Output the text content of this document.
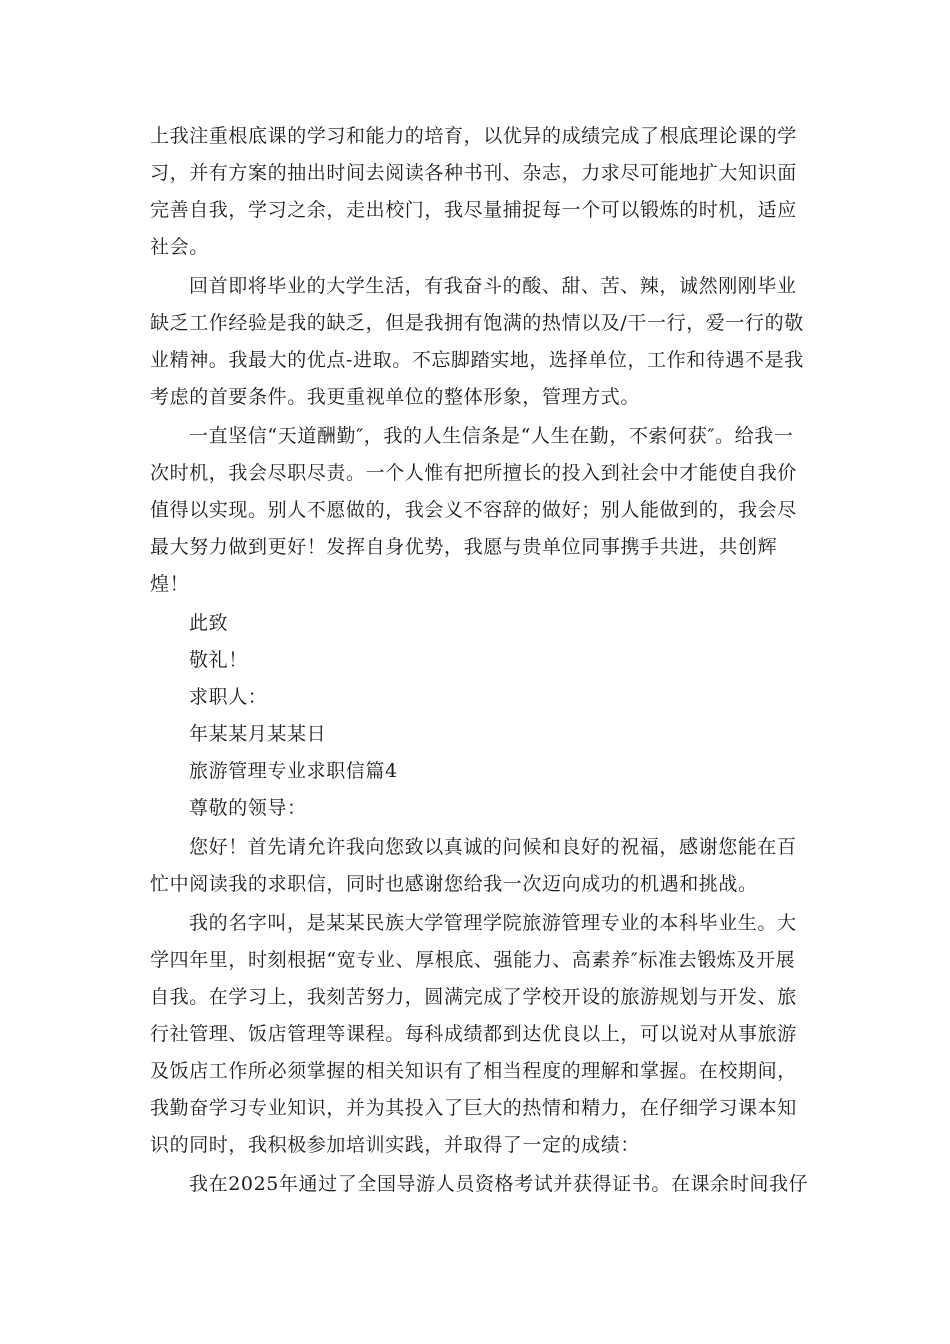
上我注重根底课的学习和能力的培育，以优异的成绩完成了根底理论课的学
习，并有方案的抽出时间去阅读各种书刊、杂志，力求尽可能地扩大知识面
完善自我，学习之余，走出校门，我尽量捕捉每一个可以锻炼的时机，适应
社会。
回首即将毕业的大学生活，有我奋斗的酸、甜、苦、辣，诚然刚刚毕业
缺乏工作经验是我的缺乏，但是我拥有饱满的热情以及/干一行，爱一行的敬
业精神。我最大的优点-进取。不忘脚踏实地，选择单位，工作和待遇不是我
考虑的首要条件。我更重视单位的整体形象，管理方式。
一直坚信“天道酬勤″，我的人生信条是“人生在勤，不索何获″。给我一
次时机，我会尽职尽责。一个人惟有把所擅长的投入到社会中才能使自我价
值得以实现。别人不愿做的，我会义不容辞的做好；别人能做到的，我会尽
最大努力做到更好！发挥自身优势，我愿与贵单位同事携手共进，共创辉
煌！
此致
敬礼！
求职人：
年某某月某某日
旅游管理专业求职信篇4
尊敬的领导：
您好！首先请允许我向您致以真诚的问候和良好的祝福，感谢您能在百
忙中阅读我的求职信，同时也感谢您给我一次迈向成功的机遇和挑战。
我的名字叫，是某某民族大学管理学院旅游管理专业的本科毕业生。大
学四年里，时刻根据“宽专业、厚根底、强能力、高素养″标准去锻炼及开展
自我。在学习上，我刻苦努力，圆满完成了学校开设的旅游规划与开发、旅
行社管理、饭店管理等课程。每科成绩都到达优良以上，可以说对从事旅游
及饭店工作所必须掌握的相关知识有了相当程度的理解和掌握。在校期间，
我勤奋学习专业知识，并为其投入了巨大的热情和精力，在仔细学习课本知
识的同时，我积极参加培训实践，并取得了一定的成绩：
我在2025年通过了全国导游人员资格考试并获得证书。在课余时间我仔
